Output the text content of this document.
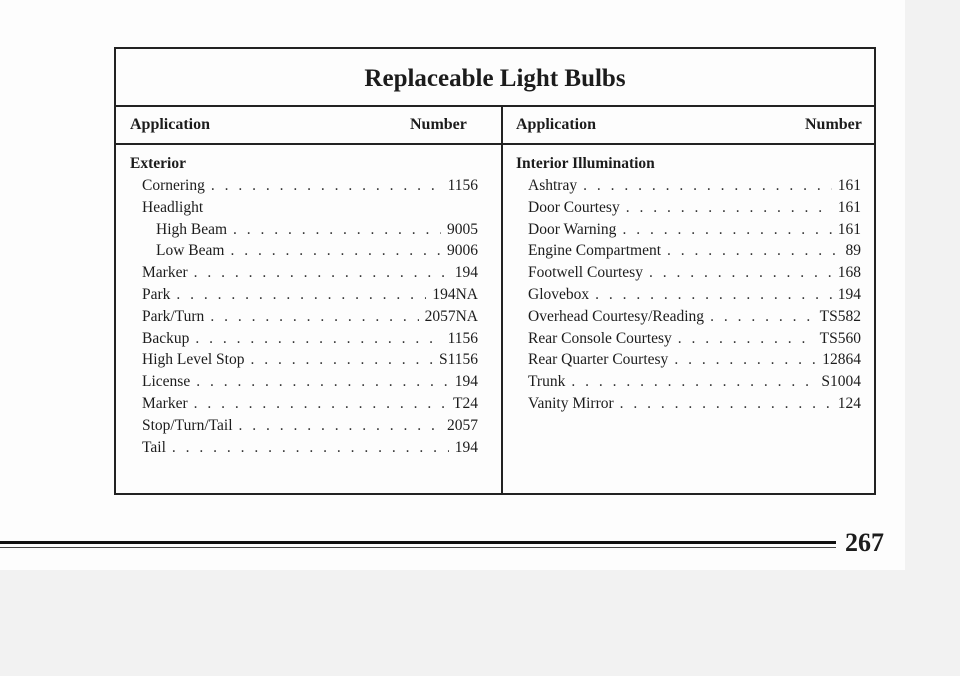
Replaceable Light Bulbs
Application	Number	Application	Number
Exterior
Cornering . . .	1156
Headlight
High Beam . . .	9005
Low Beam . . .	9006
Marker . . .	194
Park . . .	194NA
Park/Turn . . .	2057NA
Backup . . .	1156
High Level Stop . . .	S1156
License . . .	194
Marker . . .	T24
Stop/Turn/Tail . . .	2057
Tail . . .	194
Interior Illumination
Ashtray . . .	161
Door Courtesy . . .	161
Door Warning . . .	161
Engine Compartment . . .	89
Footwell Courtesy . . .	168
Glovebox . . .	194
Overhead Courtesy/Reading . . .	TS582
Rear Console Courtesy . . .	TS560
Rear Quarter Courtesy . . .	12864
Trunk . . .	S1004
Vanity Mirror . . .	124
267
